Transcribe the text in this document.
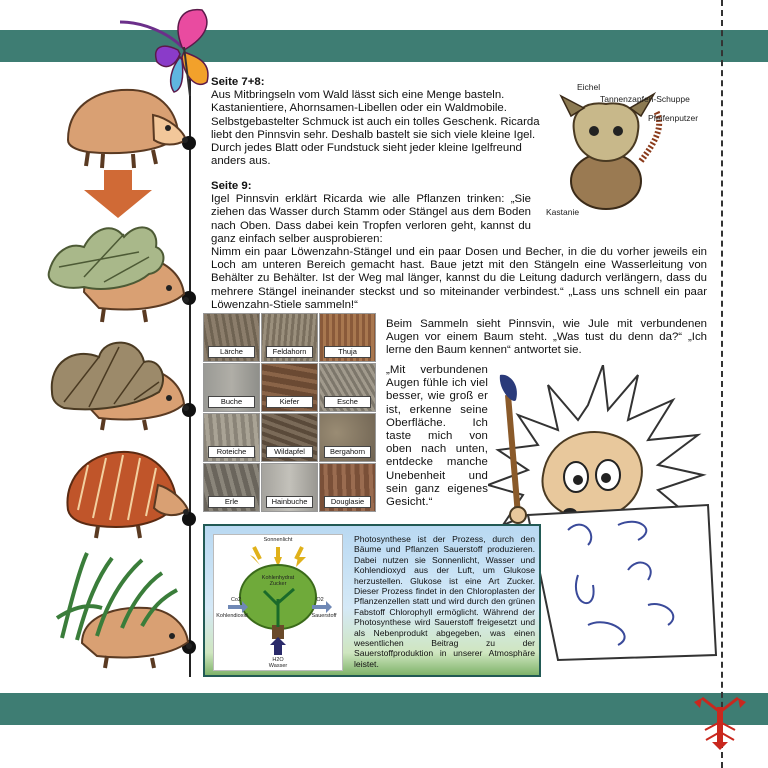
Seite 7+8:

Aus Mitbringseln vom Wald lässt sich eine Menge basteln. Kastanientiere, Ahornsamen-Libellen oder ein Waldmobile. Selbstgebastelter Schmuck ist auch ein tolles Geschenk. Ricarda liebt den Pinnsvin sehr. Deshalb bastelt sie sich viele kleine Igel. Durch jedes Blatt oder Fundstuck sieht jeder kleine Igelfreund anders aus.

Eichel
Tannenzapfen-Schuppe
Pfeifenputzer
Kastanie

Seite 9:

Igel Pinnsvin erklärt Ricarda wie alle Pflanzen trinken: „Sie ziehen das Wasser durch Stamm oder Stängel aus dem Boden nach Oben. Dass dabei kein Tropfen verloren geht, kannst du ganz einfach selber ausprobieren:

Nimm ein paar Löwenzahn-Stängel und ein paar Dosen und Becher, in die du vorher jeweils ein Loch am unteren Bereich gemacht hast. Baue jetzt mit den Stängeln eine Wasserleitung von Behälter zu Behälter. Ist der Weg mal länger, kannst du die Leitung dadurch verlängern, dass du mehrere Stängel ineinander steckst und so miteinander verbindest.“ „Lass uns schnell ein paar Löwenzahn-Stiele sammeln!“

Lärche	Feldahorn	Thuja
Buche	Kiefer	Esche
Roteiche	Wildapfel	Bergahorn
Erle	Hainbuche	Douglasie

Beim Sammeln sieht Pinnsvin, wie Jule mit verbundenen Augen vor einem Baum steht. „Was tust du denn da?“ „Ich lerne den Baum kennen“ antwortet sie.

„Mit verbundenen Augen fühle ich viel besser, wie groß er ist, erkenne seine Oberfläche. Ich taste mich von oben nach unten, entdecke manche Unebenheit und sein ganz eigenes Gesicht.“

Sonnenlicht
Kohlenhydrat Zucker
Co2
Kohlendioxid
O2
Sauerstoff
H2O
Wasser
Photosynthese ist der Prozess, durch den Bäume und Pflanzen Sauerstoff produzieren. Dabei nutzen sie Sonnenlicht, Wasser und Kohlendioxyd aus der Luft, um Glukose herzustellen. Glukose ist eine Art Zucker. Dieser Prozess findet in den Chloroplasten der Pflanzenzellen statt und wird durch den grünen Fabstoff Chlorophyll ermöglicht. Während der Photosynthese wird Sauerstoff freigesetzt und als Nebenprodukt abgegeben, was einen wesentlichen Beitrag zu der Sauerstoffproduktion in unserer Atmosphäre leistet.
